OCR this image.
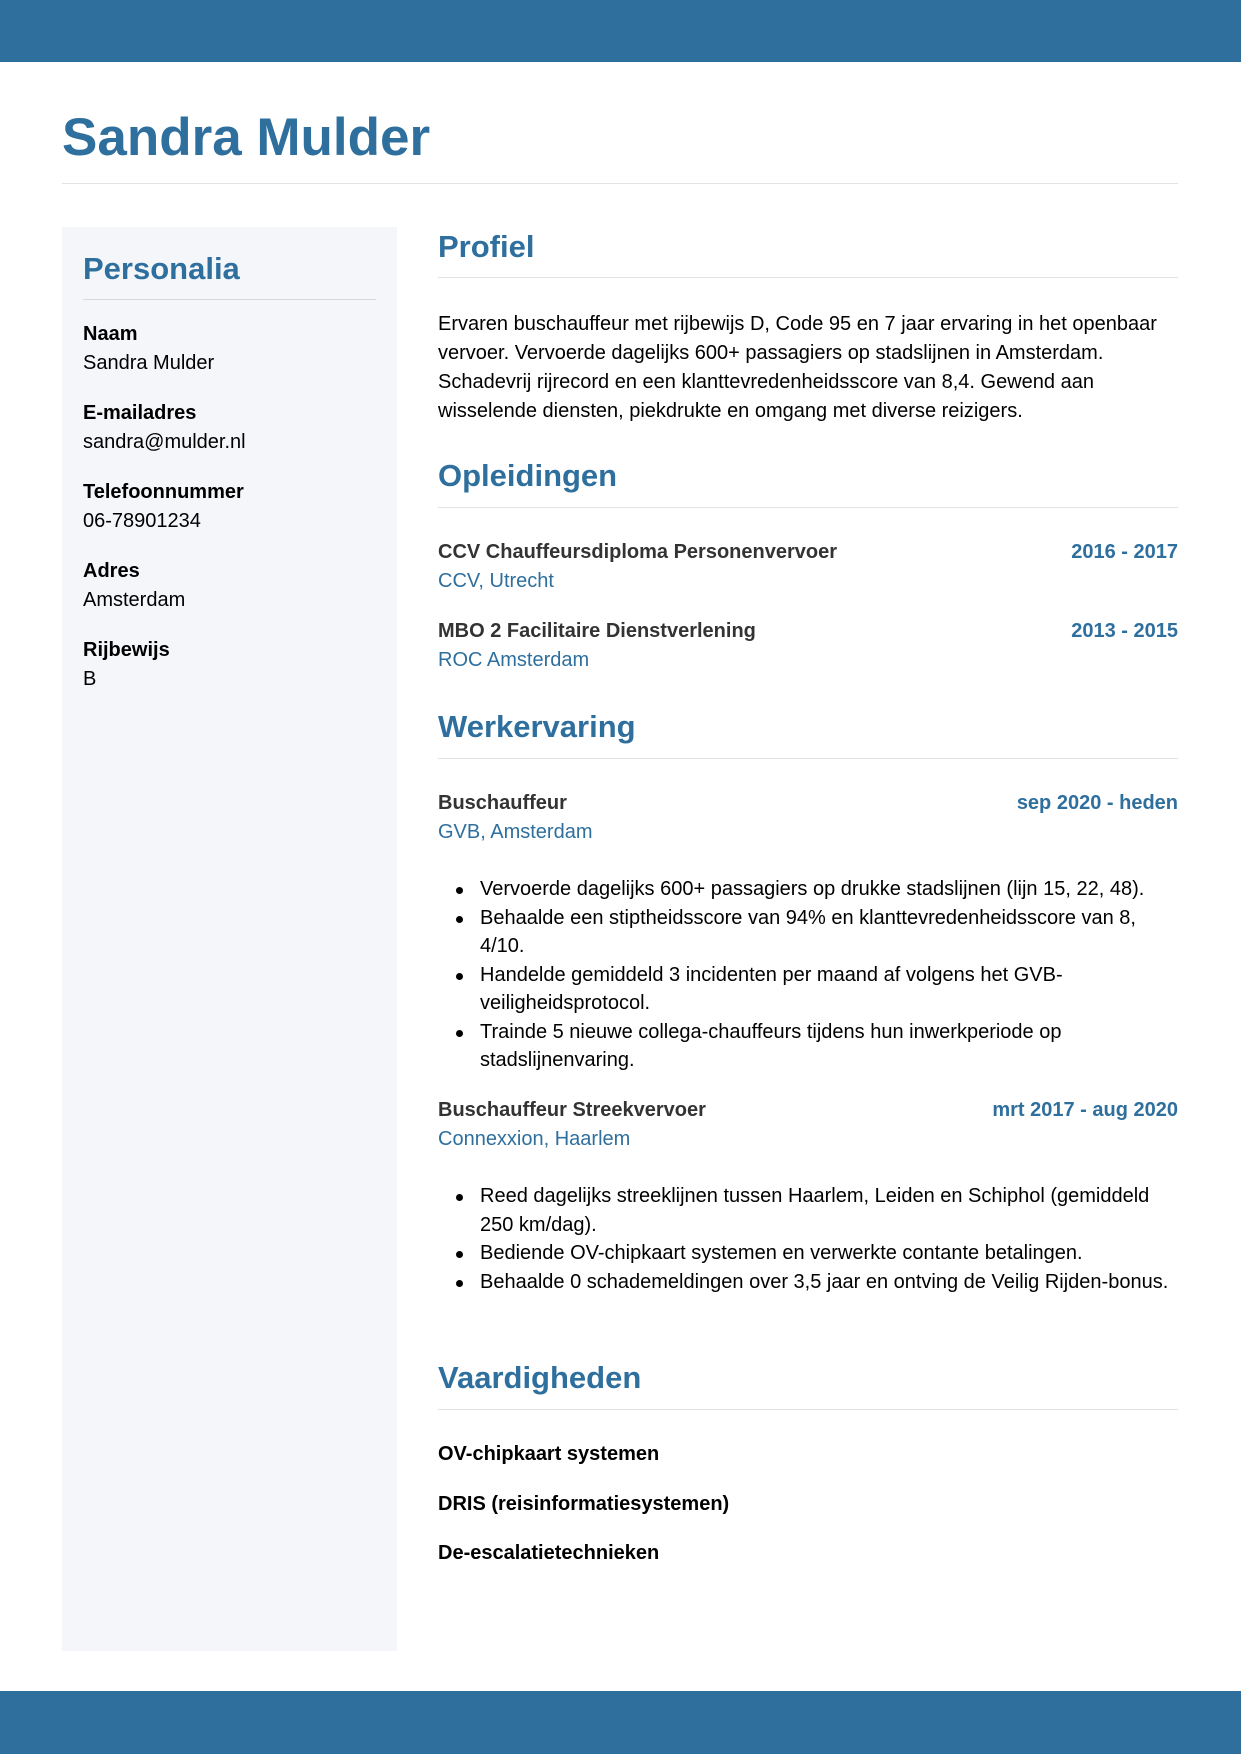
Sandra Mulder
Personalia
Naam
Sandra Mulder
E-mailadres
sandra@mulder.nl
Telefoonnummer
06-78901234
Adres
Amsterdam
Rijbewijs
B
Profiel

Ervaren buschauffeur met rijbewijs D, Code 95 en 7 jaar ervaring in het openbaar vervoer. Vervoerde dagelijks 600+ passagiers op stadslijnen in Amsterdam. Schadevrij rijrecord en een klanttevredenheidsscore van 8,4. Gewend aan wisselende diensten, piekdrukte en omgang met diverse reizigers.

Opleidingen
CCV Chauffeursdiploma Personenvervoer	2016 - 2017
CCV, Utrecht
MBO 2 Facilitaire Dienstverlening	2013 - 2015
ROC Amsterdam
Werkervaring
Buschauffeur	sep 2020 - heden
GVB, Amsterdam
Vervoerde dagelijks 600+ passagiers op drukke stadslijnen (lijn 15, 22, 48).
Behaalde een stiptheidsscore van 94% en klanttevredenheidsscore van 8, 4/10.
Handelde gemiddeld 3 incidenten per maand af volgens het GVB-veiligheidsprotocol.
Trainde 5 nieuwe collega-chauffeurs tijdens hun inwerkperiode op stadslijnenvaring.
Buschauffeur Streekvervoer	mrt 2017 - aug 2020
Connexxion, Haarlem
Reed dagelijks streeklijnen tussen Haarlem, Leiden en Schiphol (gemiddeld 250 km/dag).
Bediende OV-chipkaart systemen en verwerkte contante betalingen.
Behaalde 0 schademeldingen over 3,5 jaar en ontving de Veilig Rijden-bonus.
Vaardigheden
OV-chipkaart systemen
DRIS (reisinformatiesystemen)
De-escalatietechnieken
